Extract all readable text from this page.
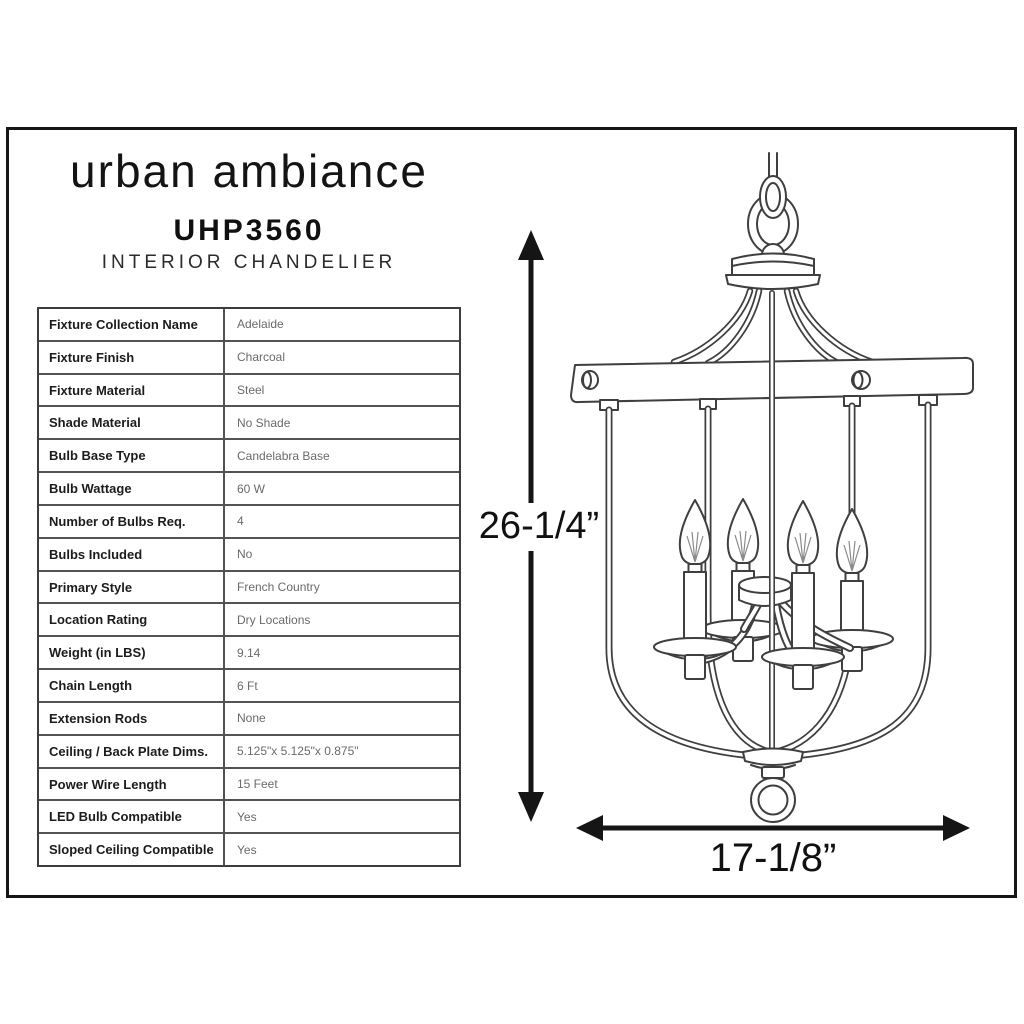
urban ambiance
UHP3560
INTERIOR CHANDELIER
Fixture Collection Name	Adelaide
Fixture Finish	Charcoal
Fixture Material	Steel
Shade Material	No Shade
Bulb Base Type	Candelabra Base
Bulb Wattage	60 W
Number of Bulbs Req.	4
Bulbs Included	No
Primary Style	French Country
Location Rating	Dry Locations
Weight (in LBS)	9.14
Chain Length	6 Ft
Extension Rods	None
Ceiling / Back Plate Dims.	5.125"x 5.125"x 0.875"
Power Wire Length	15 Feet
LED Bulb Compatible	Yes
Sloped Ceiling Compatible	Yes
26-1/4”
17-1/8”
